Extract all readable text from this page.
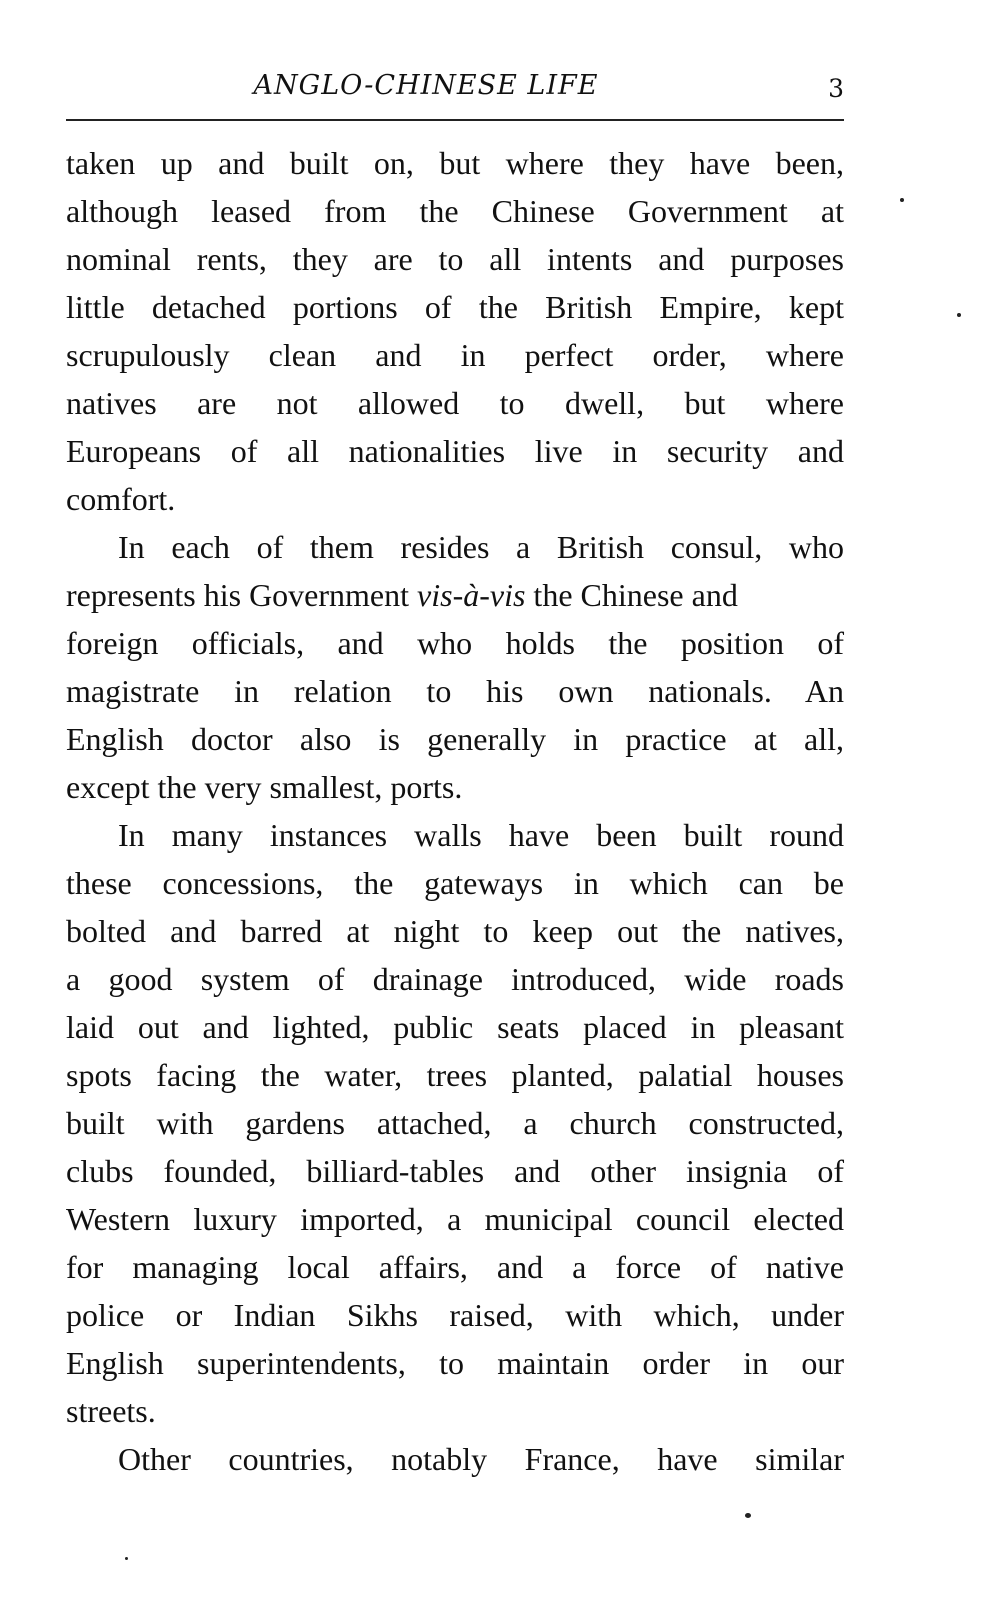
ANGLO-CHINESE LIFE	3
taken up and built on, but where they have been,
although leased from the Chinese Government at
nominal rents, they are to all intents and purposes
little detached portions of the British Empire, kept
scrupulously clean and in perfect order, where
natives are not allowed to dwell, but where
Europeans of all nationalities live in security and
comfort.
In each of them resides a British consul, who
represents his Government vis-à-vis the Chinese and
foreign officials, and who holds the position of
magistrate in relation to his own nationals. An
English doctor also is generally in practice at all,
except the very smallest, ports.
In many instances walls have been built round
these concessions, the gateways in which can be
bolted and barred at night to keep out the natives,
a good system of drainage introduced, wide roads
laid out and lighted, public seats placed in pleasant
spots facing the water, trees planted, palatial houses
built with gardens attached, a church constructed,
clubs founded, billiard-tables and other insignia of
Western luxury imported, a municipal council elected
for managing local affairs, and a force of native
police or Indian Sikhs raised, with which, under
English superintendents, to maintain order in our
streets.
Other countries, notably France, have similar
